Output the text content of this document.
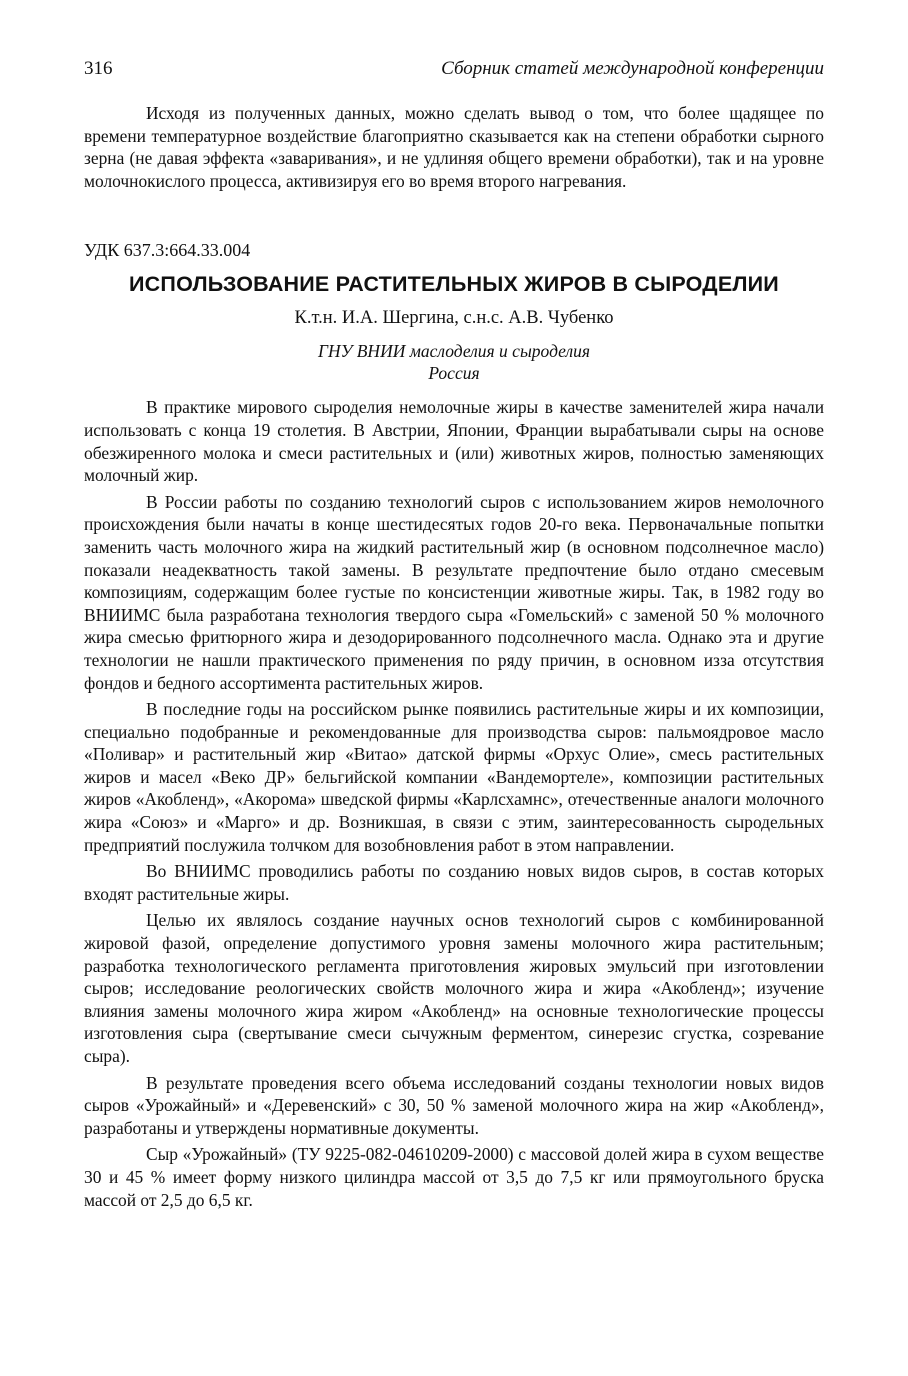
316	Сборник статей международной конференции

Исходя из полученных данных, можно сделать вывод о том, что более щадящее по времени температурное воздействие благоприятно сказывается как на степени обработки сырного зерна (не давая эффекта «заваривания», и не удлиняя общего времени обработки), так и на уровне молочнокислого процесса, активизируя его во время второго нагревания.

УДК 637.3:664.33.004
ИСПОЛЬЗОВАНИЕ РАСТИТЕЛЬНЫХ ЖИРОВ В СЫРОДЕЛИИ
К.т.н. И.А. Шергина, с.н.с. А.В. Чубенко
ГНУ ВНИИ маслоделия и сыроделия
Россия

В практике мирового сыроделия немолочные жиры в качестве заменителей жира начали использовать с конца 19 столетия. В Австрии, Японии, Франции вырабатывали сыры на основе обезжиренного молока и смеси растительных и (или) животных жиров, полностью заменяющих молочный жир.

В России работы по созданию технологий сыров с использованием жиров немолочного происхождения были начаты в конце шестидесятых годов 20-го века. Первоначальные попытки заменить часть молочного жира на жидкий растительный жир (в основном подсолнечное масло) показали неадекватность такой замены. В результате предпочтение было отдано смесевым композициям, содержащим более густые по консистенции животные жиры. Так, в 1982 году во ВНИИМС была разработана технология твердого сыра «Гомельский» с заменой 50 % молочного жира смесью фритюрного жира и дезодорированного подсолнечного масла. Однако эта и другие технологии не нашли практического применения по ряду причин, в основном изза отсутствия фондов и бедного ассортимента растительных жиров.

В последние годы на российском рынке появились растительные жиры и их композиции, специально подобранные и рекомендованные для производства сыров: пальмоядровое масло «Поливар» и растительный жир «Витао» датской фирмы «Орхус Олие», смесь растительных жиров и масел «Веко ДР» бельгийской компании «Вандемортеле», композиции растительных жиров «Акобленд», «Акорома» шведской фирмы «Карлсхамнс», отечественные аналоги молочного жира «Союз» и «Марго» и др. Возникшая, в связи с этим, заинтересованность сыродельных предприятий послужила толчком для возобновления работ в этом направлении.

Во ВНИИМС проводились работы по созданию новых видов сыров, в состав которых входят растительные жиры.

Целью их являлось создание научных основ технологий сыров с комбинированной жировой фазой, определение допустимого уровня замены молочного жира растительным; разработка технологического регламента приготовления жировых эмульсий при изготовлении сыров; исследование реологических свойств молочного жира и жира «Акобленд»; изучение влияния замены молочного жира жиром «Акобленд» на основные технологические процессы изготовления сыра (свертывание смеси сычужным ферментом, синерезис сгустка, созревание сыра).

В результате проведения всего объема исследований созданы технологии новых видов сыров «Урожайный» и «Деревенский» с 30, 50 % заменой молочного жира на жир «Акобленд», разработаны и утверждены нормативные документы.

Сыр «Урожайный» (ТУ 9225-082-04610209-2000) с массовой долей жира в сухом веществе 30 и 45 % имеет форму низкого цилиндра массой от 3,5 до 7,5 кг или прямоугольного бруска массой от 2,5 до 6,5 кг.
